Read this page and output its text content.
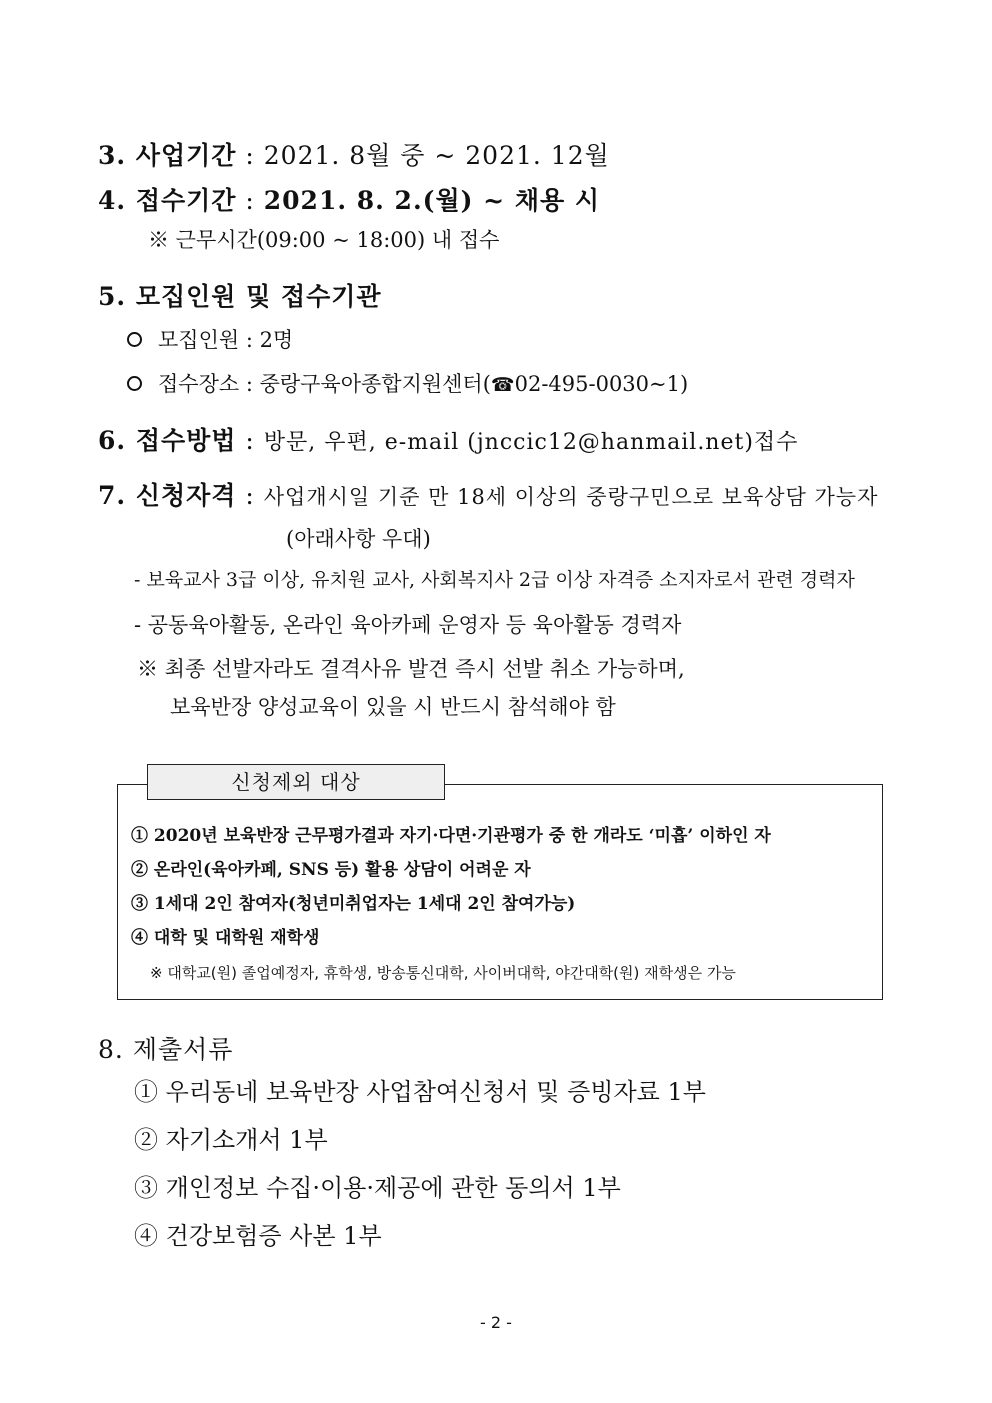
3. 사업기간 : 2021. 8월 중 ~ 2021. 12월
4. 접수기간 : 2021. 8. 2.(월) ~ 채용 시
※ 근무시간(09:00 ~ 18:00) 내 접수
5. 모집인원 및 접수기관
모집인원 : 2명
접수장소 : 중랑구육아종합지원센터(☎02-495-0030∼1)
6. 접수방법 : 방문, 우편, e-mail (jnccic12@hanmail.net)접수
7. 신청자격 : 사업개시일 기준 만 18세 이상의 중랑구민으로 보육상담 가능자
(아래사항 우대)
- 보육교사 3급 이상, 유치원 교사, 사회복지사 2급 이상 자격증 소지자로서 관련 경력자
- 공동육아활동, 온라인 육아카페 운영자 등 육아활동 경력자
※ 최종 선발자라도 결격사유 발견 즉시 선발 취소 가능하며,
보육반장 양성교육이 있을 시 반드시 참석해야 함
신청제외 대상
① 2020년 보육반장 근무평가결과 자기·다면·기관평가 중 한 개라도 ‘미흡’ 이하인 자
② 온라인(육아카페, SNS 등) 활용 상담이 어려운 자
③ 1세대 2인 참여자(청년미취업자는 1세대 2인 참여가능)
④ 대학 및 대학원 재학생
※ 대학교(원) 졸업예정자, 휴학생, 방송통신대학, 사이버대학, 야간대학(원) 재학생은 가능
8. 제출서류
① 우리동네 보육반장 사업참여신청서 및 증빙자료 1부
② 자기소개서 1부
③ 개인정보 수집·이용·제공에 관한 동의서 1부
④ 건강보험증 사본 1부
- 2 -
